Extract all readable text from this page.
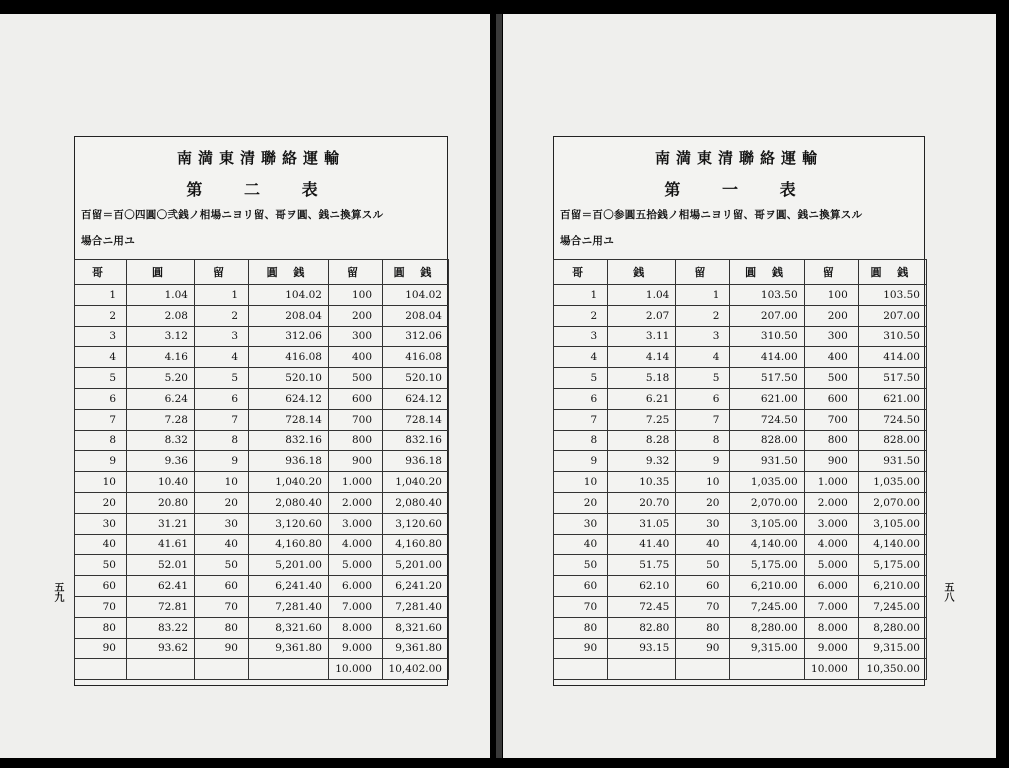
南満東清聯絡運輸
第 二 表
百留＝百〇四圓〇弐銭ノ相場ニヨリ留、哥ヲ圓、銭ニ換算スル
場合ニ用ユ
哥	圓	留	圓 銭	留	圓 銭
1	1.04	1	104.02	100	104.02
2	2.08	2	208.04	200	208.04
3	3.12	3	312.06	300	312.06
4	4.16	4	416.08	400	416.08
5	5.20	5	520.10	500	520.10
6	6.24	6	624.12	600	624.12
7	7.28	7	728.14	700	728.14
8	8.32	8	832.16	800	832.16
9	9.36	9	936.18	900	936.18
10	10.40	10	1,040.20	1.000	1,040.20
20	20.80	20	2,080.40	2.000	2,080.40
30	31.21	30	3,120.60	3.000	3,120.60
40	41.61	40	4,160.80	4.000	4,160.80
50	52.01	50	5,201.00	5.000	5,201.00
60	62.41	60	6,241.40	6.000	6,241.20
70	72.81	70	7,281.40	7.000	7,281.40
80	83.22	80	8,321.60	8.000	8,321.60
90	93.62	90	9,361.80	9.000	9,361.80
				10.000	10,402.00
五九
南満東清聯絡運輸
第 一 表
百留＝百〇参圓五拾銭ノ相場ニヨリ留、哥ヲ圓、銭ニ換算スル
場合ニ用ユ
哥	銭	留	圓 銭	留	圓 銭
1	1.04	1	103.50	100	103.50
2	2.07	2	207.00	200	207.00
3	3.11	3	310.50	300	310.50
4	4.14	4	414.00	400	414.00
5	5.18	5	517.50	500	517.50
6	6.21	6	621.00	600	621.00
7	7.25	7	724.50	700	724.50
8	8.28	8	828.00	800	828.00
9	9.32	9	931.50	900	931.50
10	10.35	10	1,035.00	1.000	1,035.00
20	20.70	20	2,070.00	2.000	2,070.00
30	31.05	30	3,105.00	3.000	3,105.00
40	41.40	40	4,140.00	4.000	4,140.00
50	51.75	50	5,175.00	5.000	5,175.00
60	62.10	60	6,210.00	6.000	6,210.00
70	72.45	70	7,245.00	7.000	7,245.00
80	82.80	80	8,280.00	8.000	8,280.00
90	93.15	90	9,315.00	9.000	9,315.00
				10.000	10,350.00
五八
